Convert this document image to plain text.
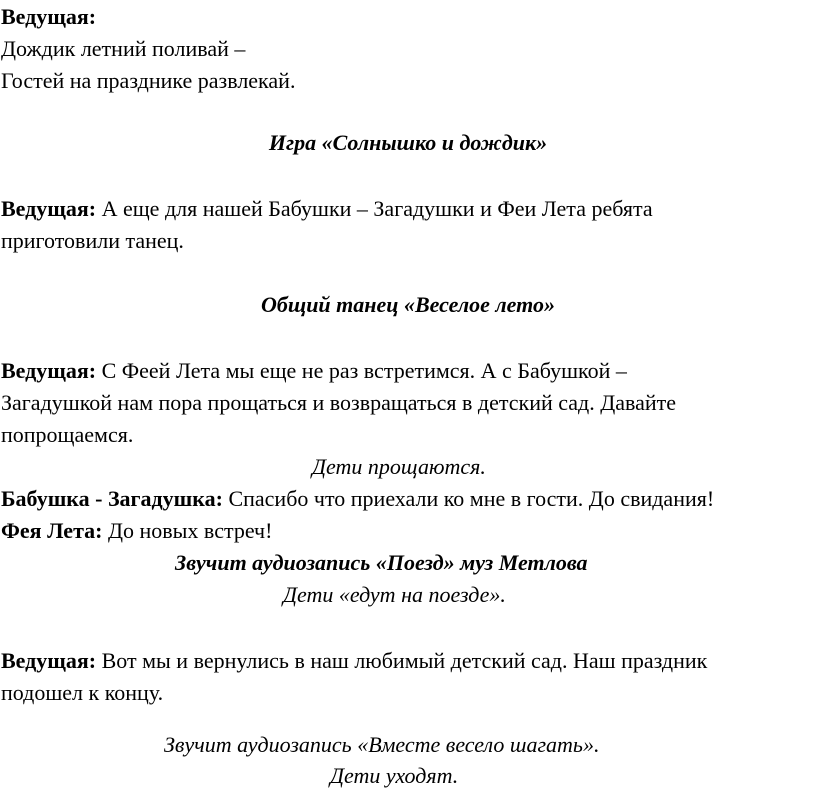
Ведущая:
Дождик летний поливай –
Гостей на празднике развлекай.
Игра «Солнышко и дождик»
Ведущая: А еще для нашей Бабушки – Загадушки и Феи Лета ребята
приготовили танец.
Общий танец «Веселое лето»
Ведущая: С Феей Лета мы еще не раз встретимся. А с Бабушкой –
Загадушкой нам пора прощаться и возвращаться в детский сад. Давайте
попрощаемся.
Дети прощаются.
Бабушка - Загадушка: Спасибо что приехали ко мне в гости. До свидания!
Фея Лета: До новых встреч!
Звучит аудиозапись «Поезд» муз Метлова
Дети «едут на поезде».
Ведущая: Вот мы и вернулись в наш любимый детский сад. Наш праздник
подошел к концу.
Звучит аудиозапись «Вместе весело шагать».
Дети уходят.
